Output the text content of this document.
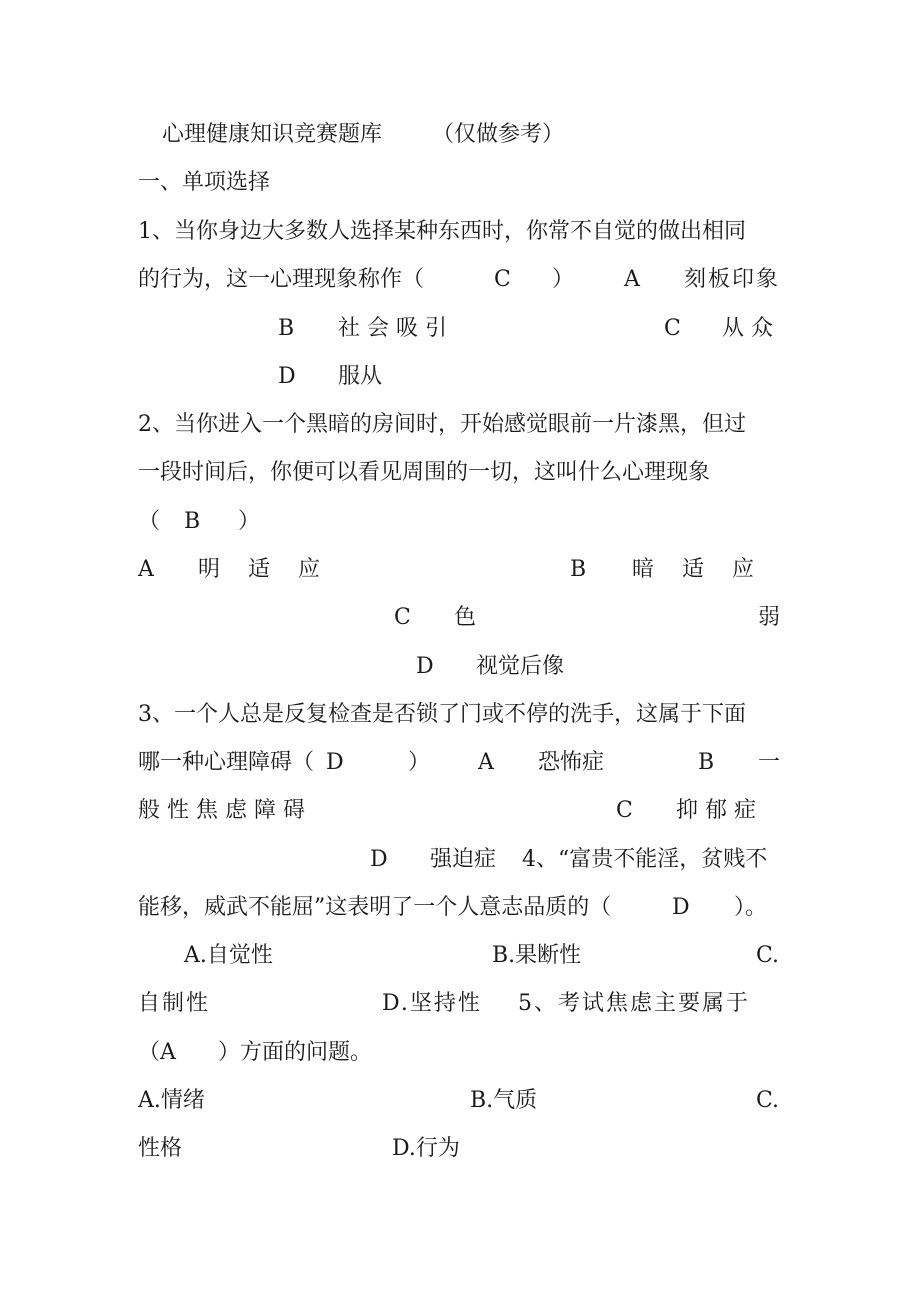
心理健康知识竞赛题库 （仅做参考）
一、单项选择
1、当你身边大多数人选择某种东西时，你常不自觉的做出相同
的行为，这一心理现象称作（	C ） A 刻板印象
B 社 会 吸 引	C 从 众
D 服从
2、当你进入一个黑暗的房间时，开始感觉眼前一片漆黑，但过
一段时间后，你便可以看见周围的一切，这叫什么心理现象
（ B ）
A 明    适    应	B 暗    适    应
C 色	弱
D 视觉后像
3、一个人总是反复检查是否锁了门或不停的洗手，这属于下面
哪一种心理障碍（ D	） A 恐怖症	B 一
般 性 焦 虑 障 碍	C 抑 郁 症
D 强迫症 4、“富贵不能淫，贫贱不
能移，威武不能屈”这表明了一个人意志品质的（	D ）。
A.自觉性	B.果断性	C.
自制性	D.坚持性 5、考试焦虑主要属于
（ A ）方面的问题。
A.情绪	B.气质	C.
性格	D.行为
